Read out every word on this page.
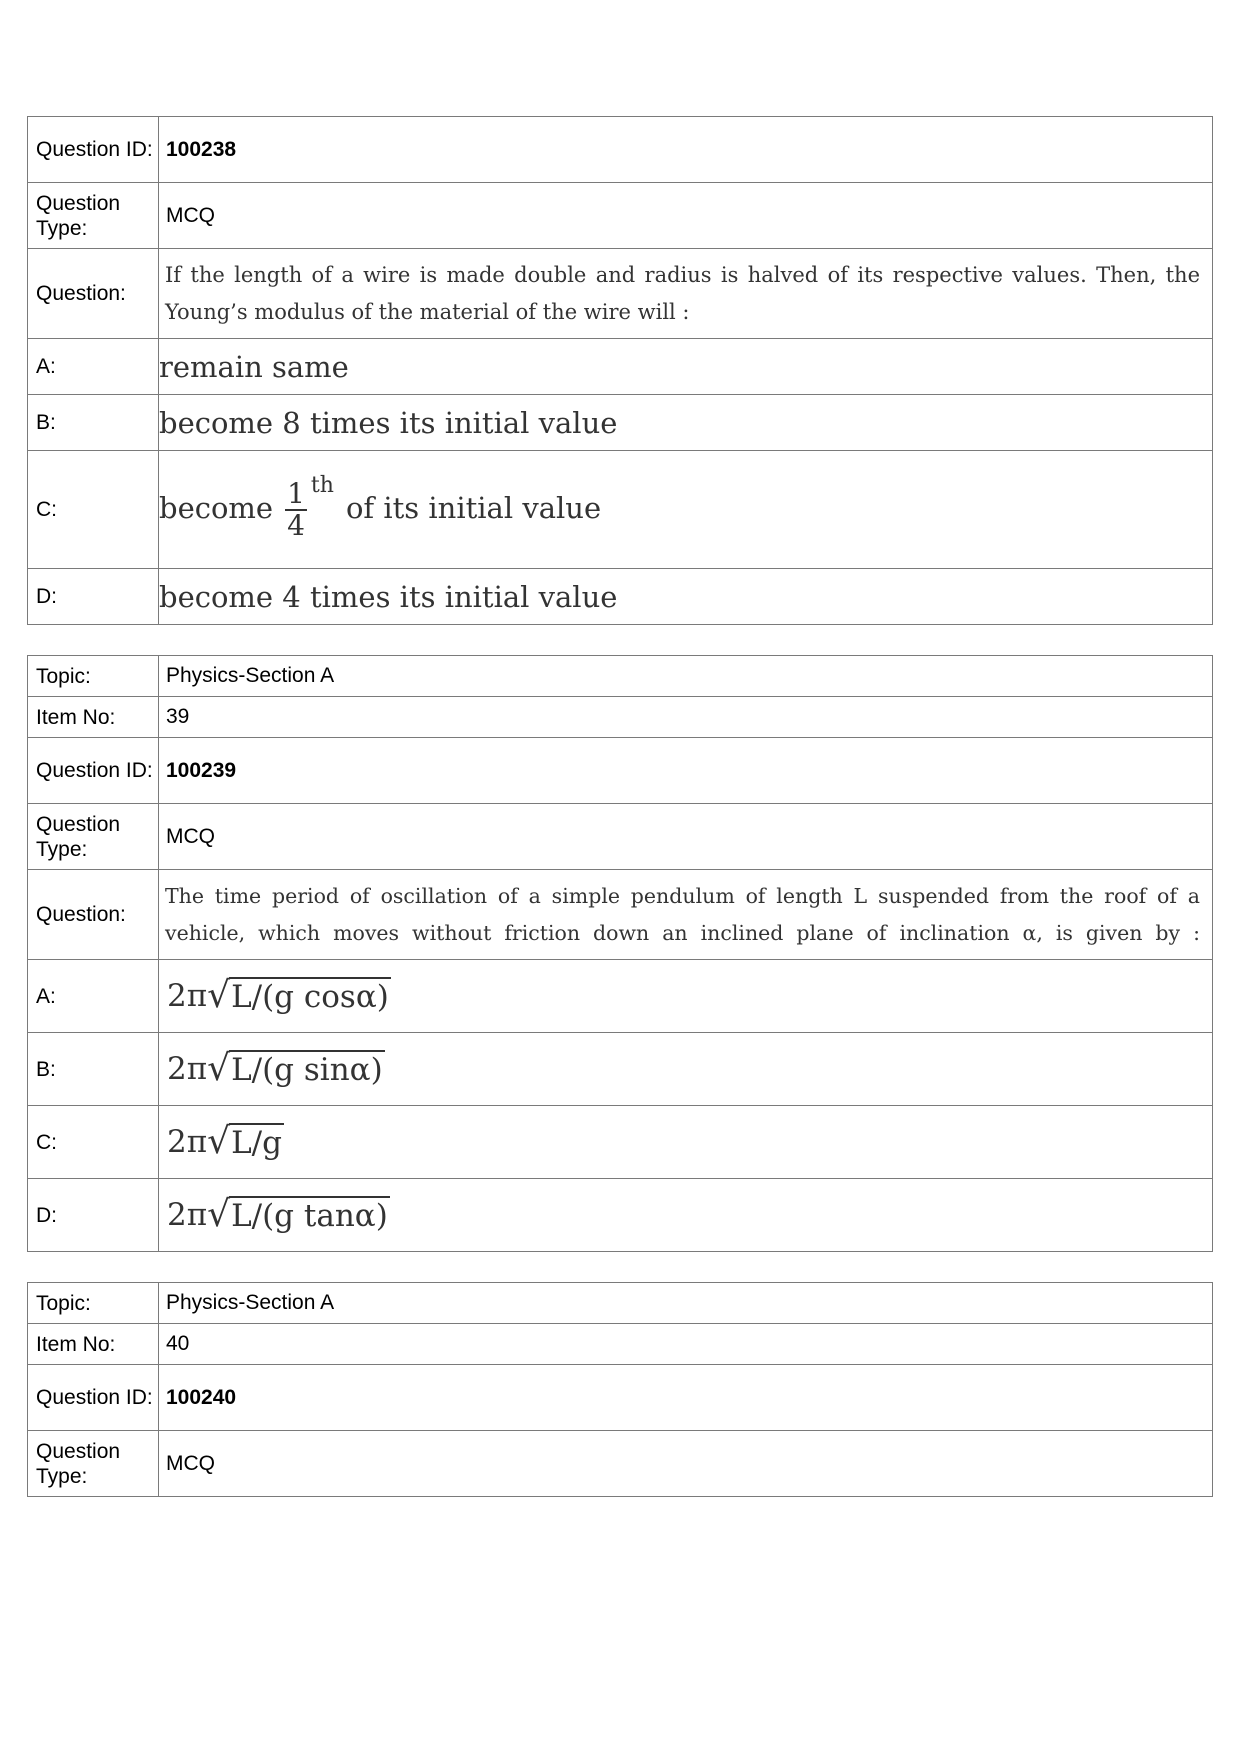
Question ID:	100238
Question Type:	MCQ
Question:	If the length of a wire is made double and radius is halved of its respective values. Then, the
Young’s modulus of the material of the wire will :

A:	remain same
B:	become 8 times its initial value
C:	become $\frac{1}{4}$ thof its initial value
D:	become 4 times its initial value
Topic:	Physics-Section A
Item No:	39
Question ID:	100239
Question Type:	MCQ
Question:	The time period of oscillation of a simple pendulum of length L suspended from the roof of a
vehicle, which moves without friction down an inclined plane of inclination α, is given by :

A:	2π √ L/(g cosα)

B:	2π √ L/(g sinα)

C:	2π √ L/g

D:	2π √ L/(g tanα)
Topic:	Physics-Section A
Item No:	40
Question ID:	100240
Question Type:	MCQ
